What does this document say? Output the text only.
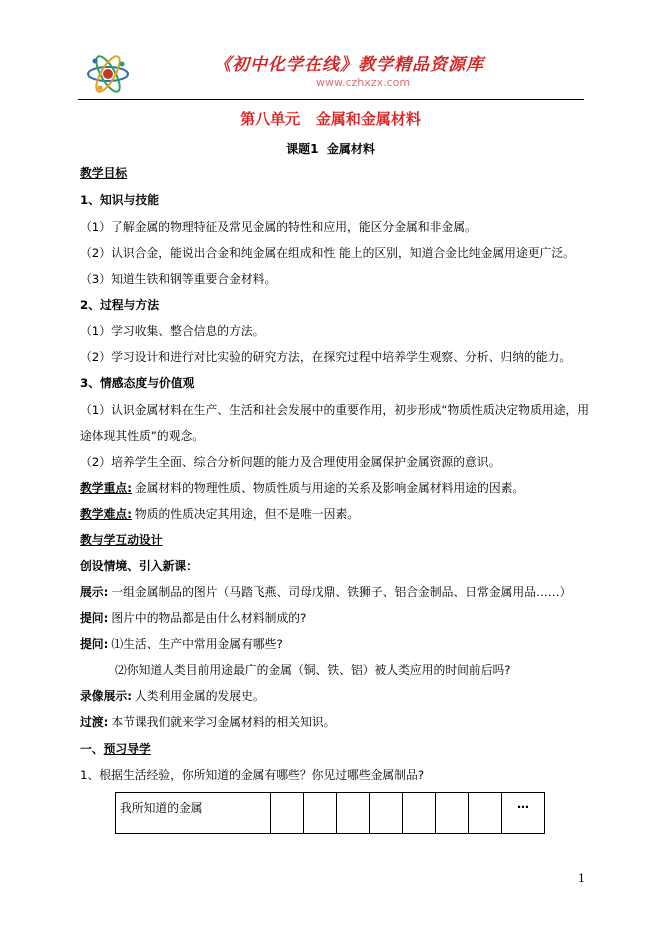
《初中化学在线》教学精品资源库
www.czhxzx.com
第八单元   金属和金属材料
课题1  金属材料
教学目标
1、知识与技能
（1）了解金属的物理特征及常见金属的特性和应用，能区分金属和非金属。
（2）认识合金，能说出合金和纯金属在组成和性 能上的区别，知道合金比纯金属用途更广泛。
（3）知道生铁和钢等重要合金材料。
2、过程与方法
（1）学习收集、整合信息的方法。
（2）学习设计和进行对比实验的研究方法，在探究过程中培养学生观察、分析、归纳的能力。
3、情感态度与价值观
（1）认识金属材料在生产、生活和社会发展中的重要作用，初步形成“物质性质决定物质用途，用
途体现其性质”的观念。
（2）培养学生全面、综合分析问题的能力及合理使用金属保护金属资源的意识。
教学重点: 金属材料的物理性质、物质性质与用途的关系及影响金属材料用途的因素。
教学难点: 物质的性质决定其用途，但不是唯一因素。
教与学互动设计
创设情境、引入新课：
展示: 一组金属制品的图片（马踏飞燕、司母戊鼎、铁狮子、铝合金制品、日常金属用品……）
提问: 图片中的物品都是由什么材料制成的?
提问: ⑴生活、生产中常用金属有哪些?
⑵你知道人类目前用途最广的金属（铜、铁、铝）被人类应用的时间前后吗?
录像展示: 人类利用金属的发展史。
过渡: 本节课我们就来学习金属材料的相关知识。
一、预习导学
1、根据生活经验，你所知道的金属有哪些？你见过哪些金属制品?
我所知道的金属								…
1
